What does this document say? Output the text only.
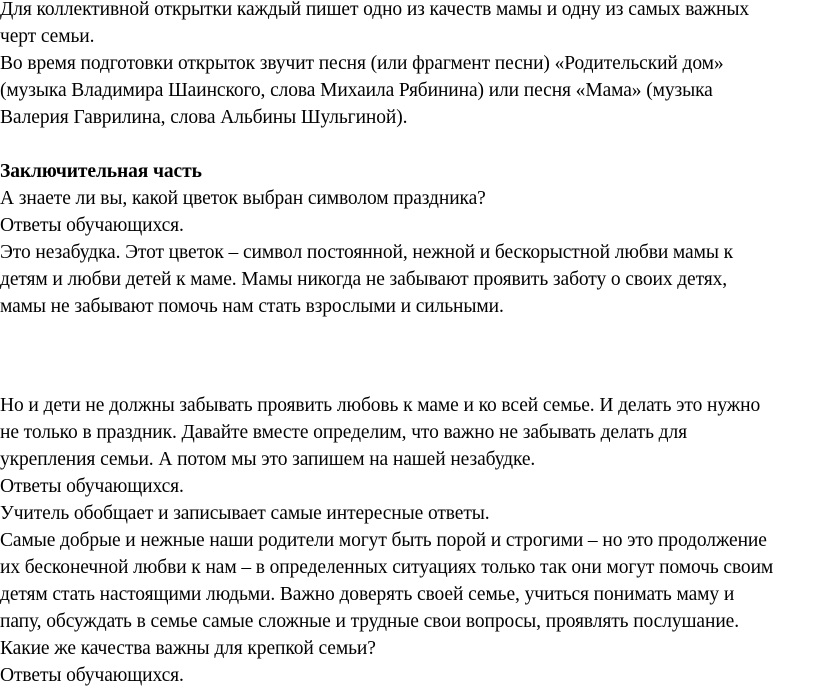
Для коллективной открытки каждый пишет одно из качеств мамы и одну из самых важных
черт семьи.
Во время подготовки открыток звучит песня (или фрагмент песни) «Родительский дом»
(музыка Владимира Шаинского, слова Михаила Рябинина) или песня «Мама» (музыка
Валерия Гаврилина, слова Альбины Шульгиной).
Заключительная часть
А знаете ли вы, какой цветок выбран символом праздника?
Ответы обучающихся.
Это незабудка. Этот цветок – символ постоянной, нежной и бескорыстной любви мамы к
детям и любви детей к маме. Мамы никогда не забывают проявить заботу о своих детях,
мамы не забывают помочь нам стать взрослыми и сильными.
Но и дети не должны забывать проявить любовь к маме и ко всей семье. И делать это нужно
не только в праздник. Давайте вместе определим, что важно не забывать делать для
укрепления семьи. А потом мы это запишем на нашей незабудке.
Ответы обучающихся.
Учитель обобщает и записывает самые интересные ответы.
Самые добрые и нежные наши родители могут быть порой и строгими – но это продолжение
их бесконечной любви к нам – в определенных ситуациях только так они могут помочь своим
детям стать настоящими людьми. Важно доверять своей семье, учиться понимать маму и
папу, обсуждать в семье самые сложные и трудные свои вопросы, проявлять послушание.
Какие же качества важны для крепкой семьи?
Ответы обучающихся.
